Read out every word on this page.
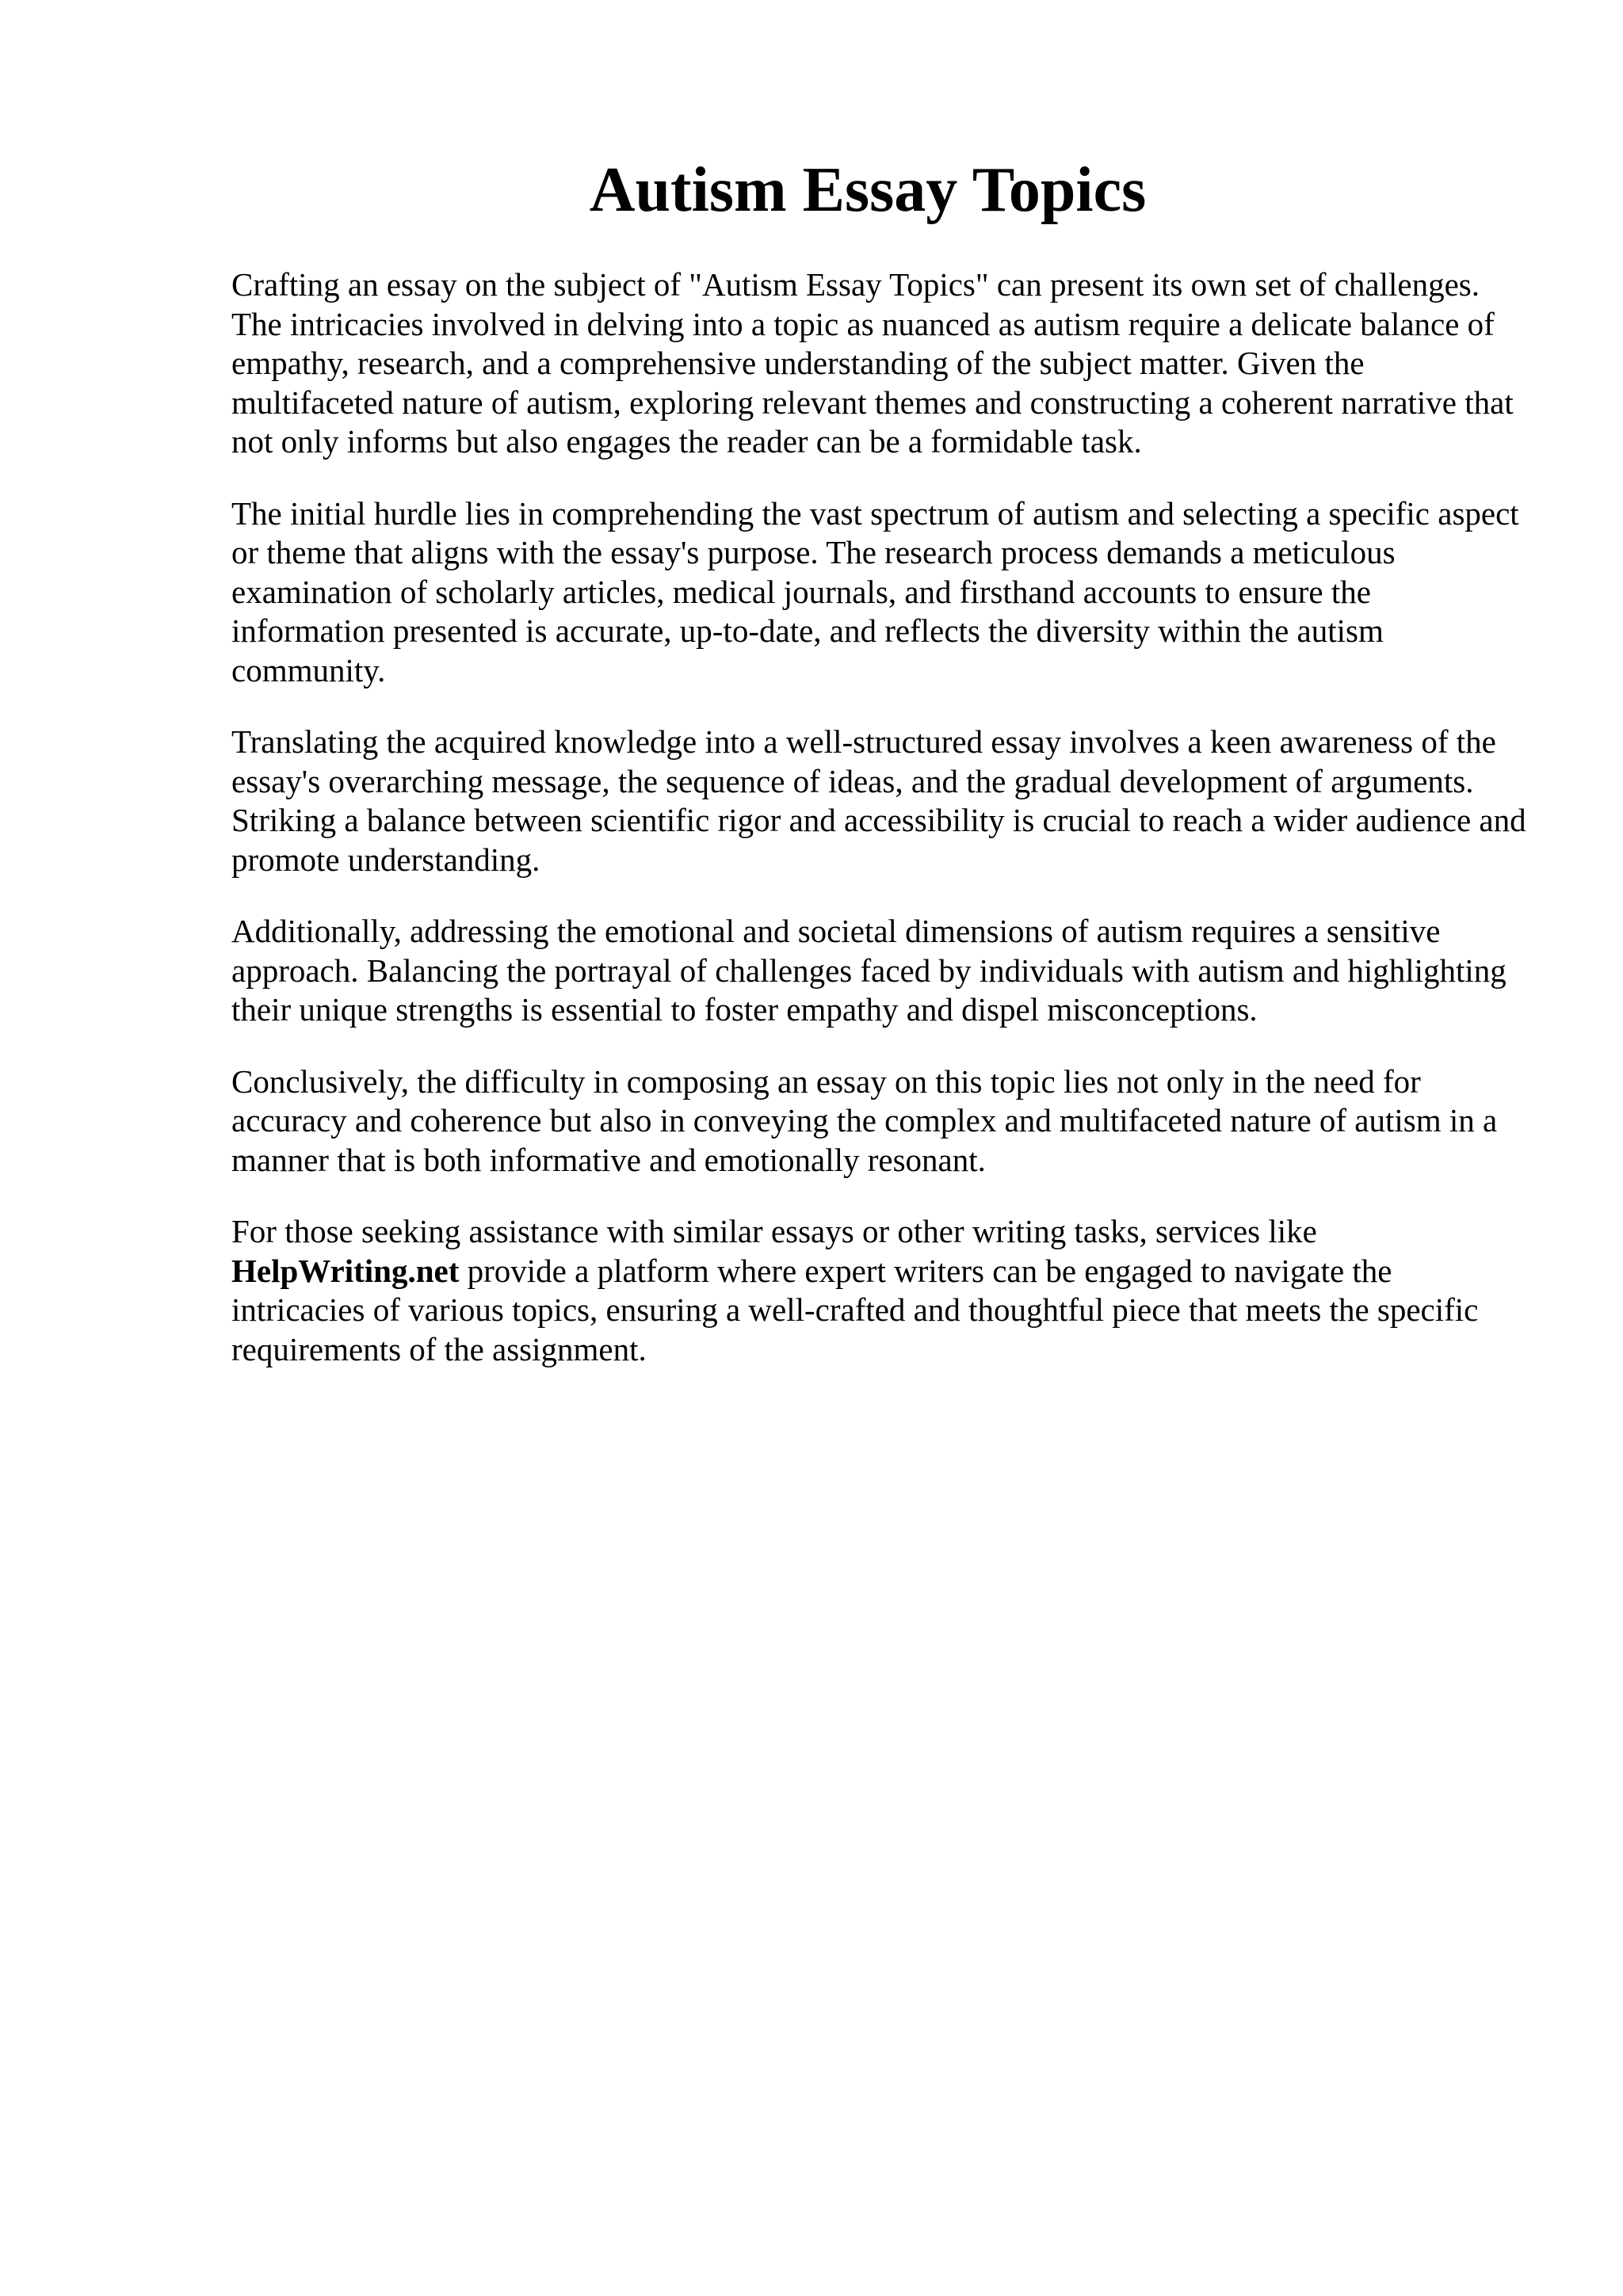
Autism Essay Topics

Crafting an essay on the subject of "Autism Essay Topics" can present its own set of challenges. The intricacies involved in delving into a topic as nuanced as autism require a delicate balance of empathy, research, and a comprehensive understanding of the subject matter. Given the multifaceted nature of autism, exploring relevant themes and constructing a coherent narrative that not only informs but also engages the reader can be a formidable task.

The initial hurdle lies in comprehending the vast spectrum of autism and selecting a specific aspect or theme that aligns with the essay's purpose. The research process demands a meticulous examination of scholarly articles, medical journals, and firsthand accounts to ensure the information presented is accurate, up-to-date, and reflects the diversity within the autism community.

Translating the acquired knowledge into a well-structured essay involves a keen awareness of the essay's overarching message, the sequence of ideas, and the gradual development of arguments. Striking a balance between scientific rigor and accessibility is crucial to reach a wider audience and promote understanding.

Additionally, addressing the emotional and societal dimensions of autism requires a sensitive approach. Balancing the portrayal of challenges faced by individuals with autism and highlighting their unique strengths is essential to foster empathy and dispel misconceptions.

Conclusively, the difficulty in composing an essay on this topic lies not only in the need for accuracy and coherence but also in conveying the complex and multifaceted nature of autism in a manner that is both informative and emotionally resonant.

For those seeking assistance with similar essays or other writing tasks, services like HelpWriting.net provide a platform where expert writers can be engaged to navigate the intricacies of various topics, ensuring a well-crafted and thoughtful piece that meets the specific requirements of the assignment.
